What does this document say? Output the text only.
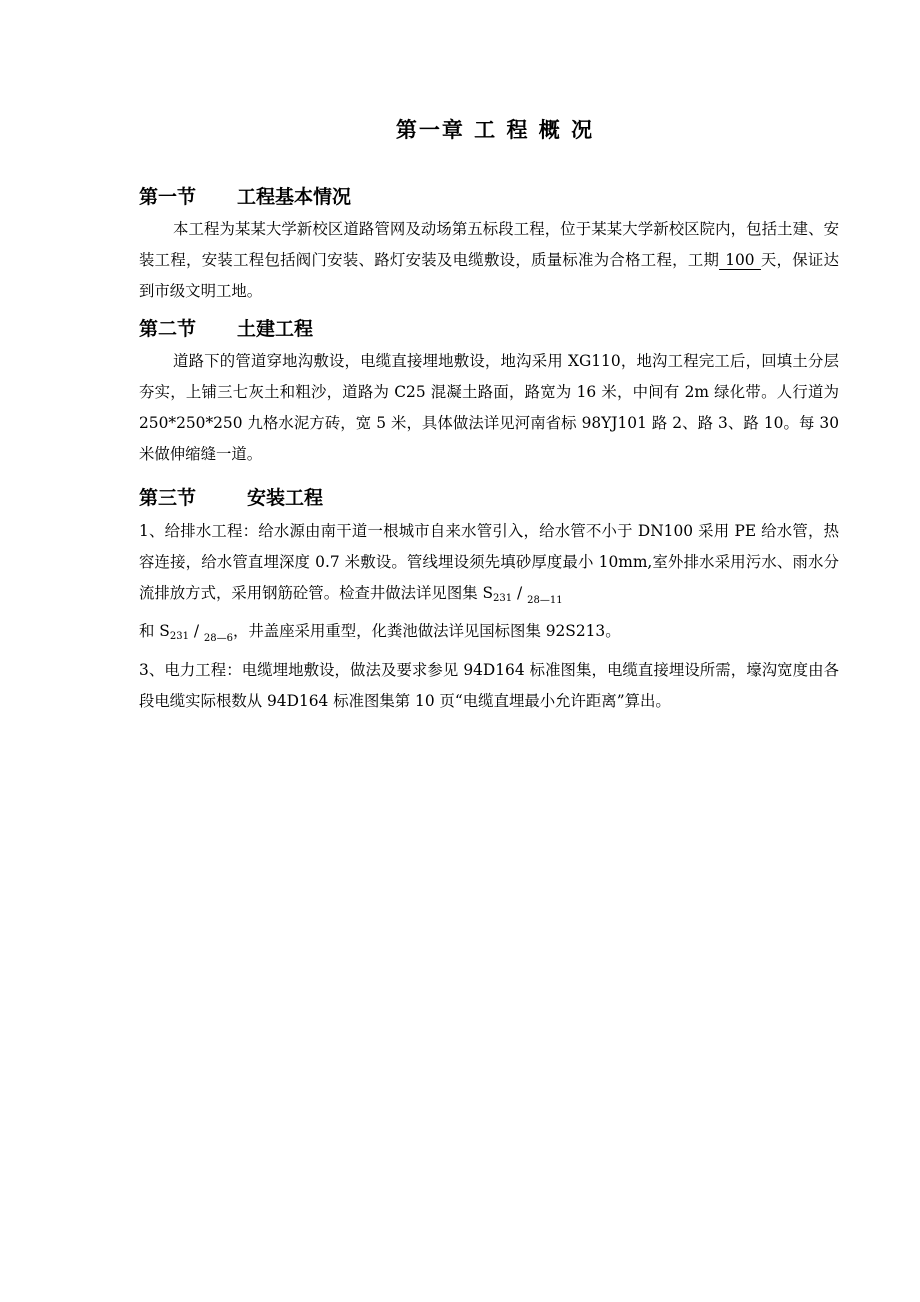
第一章 工 程 概 况
第一节 工程基本情况
本工程为某某大学新校区道路管网及动场第五标段工程，位于某某大学新校区院内，包括土建、安装工程，安装工程包括阀门安装、路灯安装及电缆敷设，质量标准为合格工程，工期 100 天，保证达到市级文明工地。
第二节 土建工程
道路下的管道穿地沟敷设，电缆直接埋地敷设，地沟采用 XG110，地沟工程完工后，回填土分层夯实，上铺三七灰土和粗沙，道路为 C25 混凝土路面，路宽为 16 米，中间有 2m 绿化带。人行道为 250*250*250 九格水泥方砖，宽 5 米，具体做法详见河南省标 98YJ101 路 2、路 3、路 10。每 30 米做伸缩缝一道。
第三节	安装工程
1、给排水工程：给水源由南干道一根城市自来水管引入，给水管不小于 DN100 采用 PE 给水管，热容连接，给水管直埋深度 0.7 米敷设。管线埋设须先填砂厚度最小 10mm,室外排水采用污水、雨水分流排放方式，采用钢筋砼管。检查井做法详见图集 $S_{231} / _{28—11}$
和 $S_{231} / _{28—6}$，井盖座采用重型，化粪池做法详见国标图集 92S213。
3、电力工程：电缆埋地敷设，做法及要求参见 94D164 标准图集，电缆直接埋设所需，壕沟宽度由各段电缆实际根数从 94D164 标准图集第 10 页“电缆直埋最小允许距离”算出。
